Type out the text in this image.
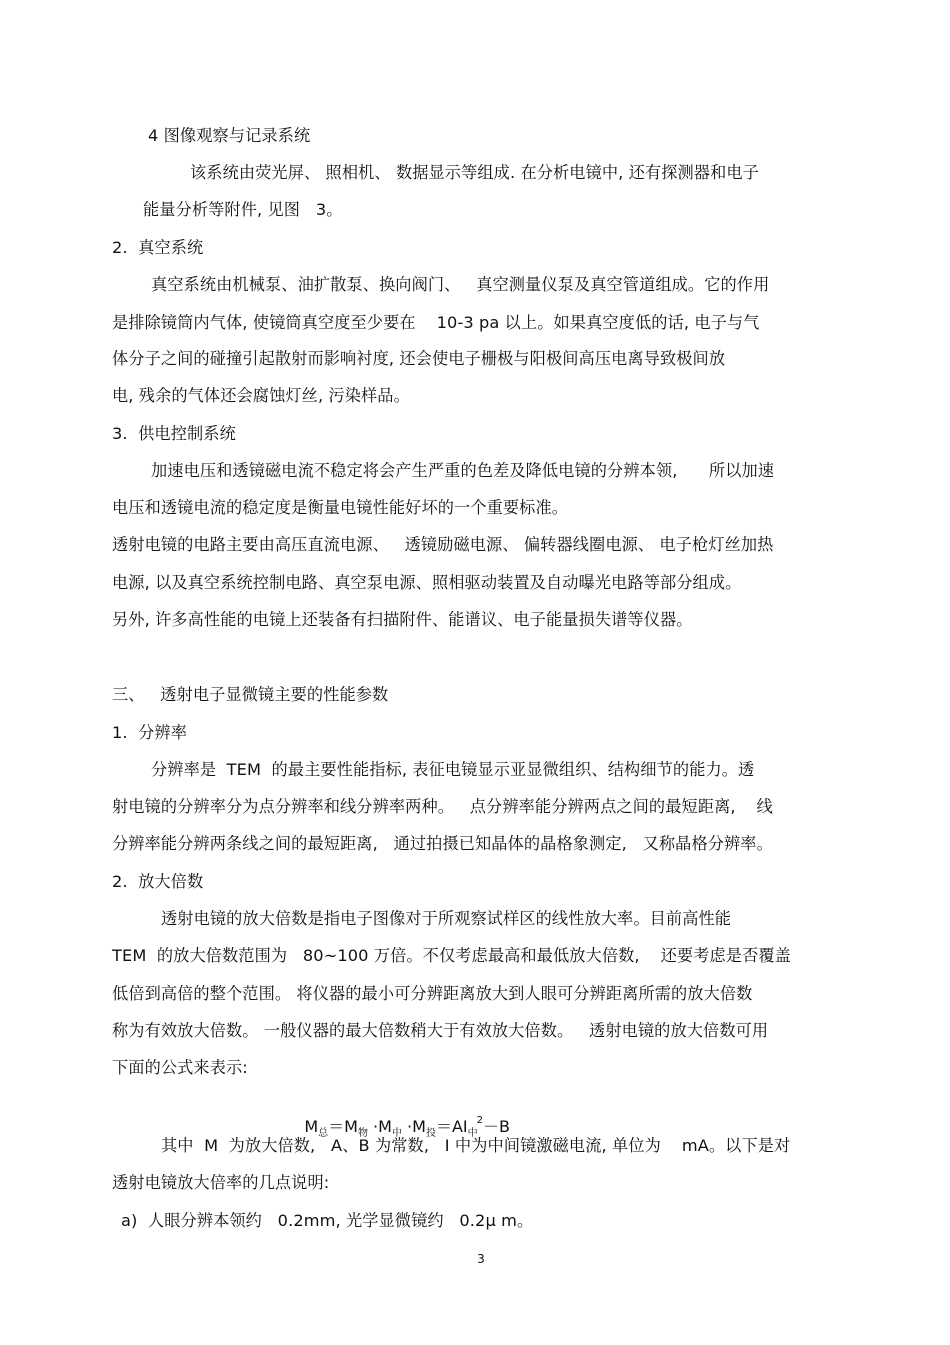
4 图像观察与记录系统
该系统由荧光屏、 照相机、 数据显示等组成. 在分析电镜中, 还有探测器和电子
能量分析等附件, 见图   3。
2.  真空系统
真空系统由机械泵、油扩散泵、换向阀门、   真空测量仪泵及真空管道组成。它的作用
是排除镜筒内气体, 使镜筒真空度至少要在    10-3 pa 以上。如果真空度低的话, 电子与气
体分子之间的碰撞引起散射而影响衬度, 还会使电子栅极与阳极间高压电离导致极间放
电, 残余的气体还会腐蚀灯丝, 污染样品。
3.  供电控制系统
加速电压和透镜磁电流不稳定将会产生严重的色差及降低电镜的分辨本领,      所以加速
电压和透镜电流的稳定度是衡量电镜性能好坏的一个重要标准。
透射电镜的电路主要由高压直流电源、   透镜励磁电源、 偏转器线圈电源、 电子枪灯丝加热
电源, 以及真空系统控制电路、真空泵电源、照相驱动装置及自动曝光电路等部分组成。
另外, 许多高性能的电镜上还装备有扫描附件、能谱议、电子能量损失谱等仪器。
三、   透射电子显微镜主要的性能参数
1.  分辨率
分辨率是  TEM  的最主要性能指标, 表征电镜显示亚显微组织、结构细节的能力。透
射电镜的分辨率分为点分辨率和线分辨率两种。   点分辨率能分辨两点之间的最短距离,    线
分辨率能分辨两条线之间的最短距离,   通过拍摄已知晶体的晶格象测定,   又称晶格分辨率。
2.  放大倍数
透射电镜的放大倍数是指电子图像对于所观察试样区的线性放大率。目前高性能
TEM  的放大倍数范围为   80~100 万倍。不仅考虑最高和最低放大倍数,    还要考虑是否覆盖
低倍到高倍的整个范围。 将仪器的最小可分辨距离放大到人眼可分辨距离所需的放大倍数
称为有效放大倍数。 一般仪器的最大倍数稍大于有效放大倍数。   透射电镜的放大倍数可用
下面的公式来表示:

$M_总=M_物 \cdot M_中 \cdot M_投=AI_中^2-B$

其中  M  为放大倍数,   A、B 为常数,   I 中为中间镜激磁电流, 单位为    mA。以下是对
透射电镜放大倍率的几点说明:
a)  人眼分辨本领约   0.2mm, 光学显微镜约   0.2μ m。
3
